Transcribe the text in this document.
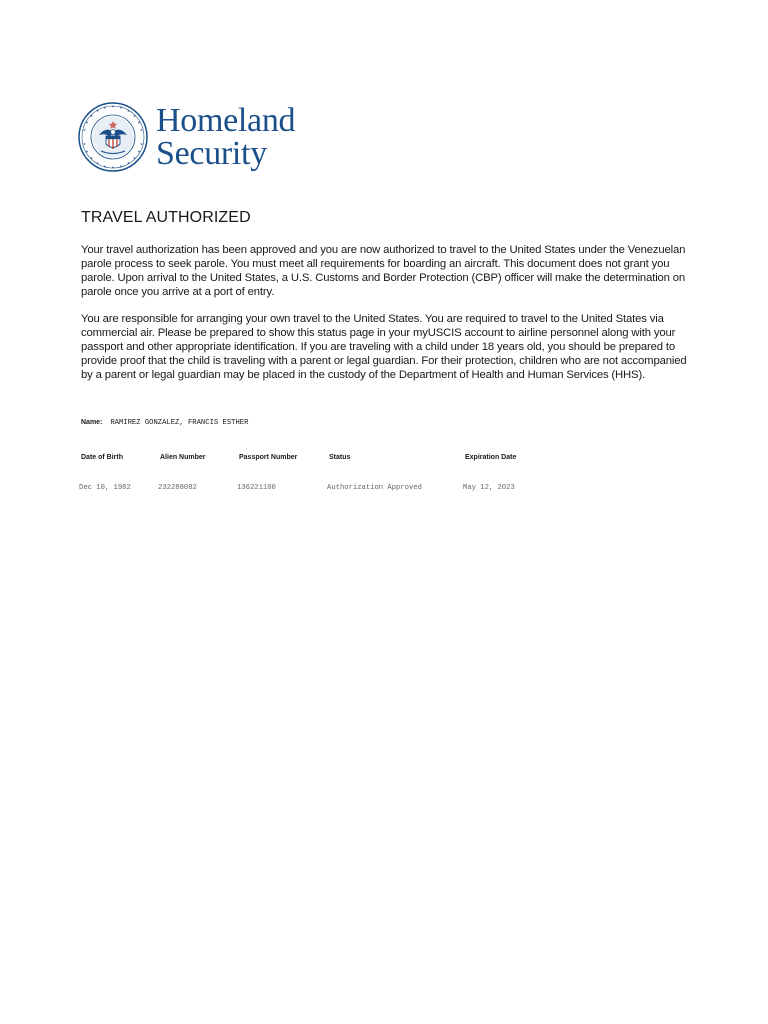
Homeland
Security
TRAVEL AUTHORIZED

Your travel authorization has been approved and you are now authorized to travel to the United States under the Venezuelan parole process to seek parole. You must meet all requirements for boarding an aircraft. This document does not grant you parole. Upon arrival to the United States, a U.S. Customs and Border Protection (CBP) officer will make the determination on parole once you arrive at a port of entry.

You are responsible for arranging your own travel to the United States. You are required to travel to the United States via commercial air. Please be prepared to show this status page in your myUSCIS account to airline personnel along with your passport and other appropriate identification. If you are traveling with a child under 18 years old, you should be prepared to provide proof that the child is traveling with a parent or legal guardian. For their protection, children who are not accompanied by a parent or legal guardian may be placed in the custody of the Department of Health and Human Services (HHS).

Name: RAMIREZ GONZALEZ, FRANCIS ESTHER
Date of Birth	Alien Number	Passport Number	Status	Expiration Date
Dec 10, 1982	232288082	136221100	Authorization Approved	May 12, 2023
